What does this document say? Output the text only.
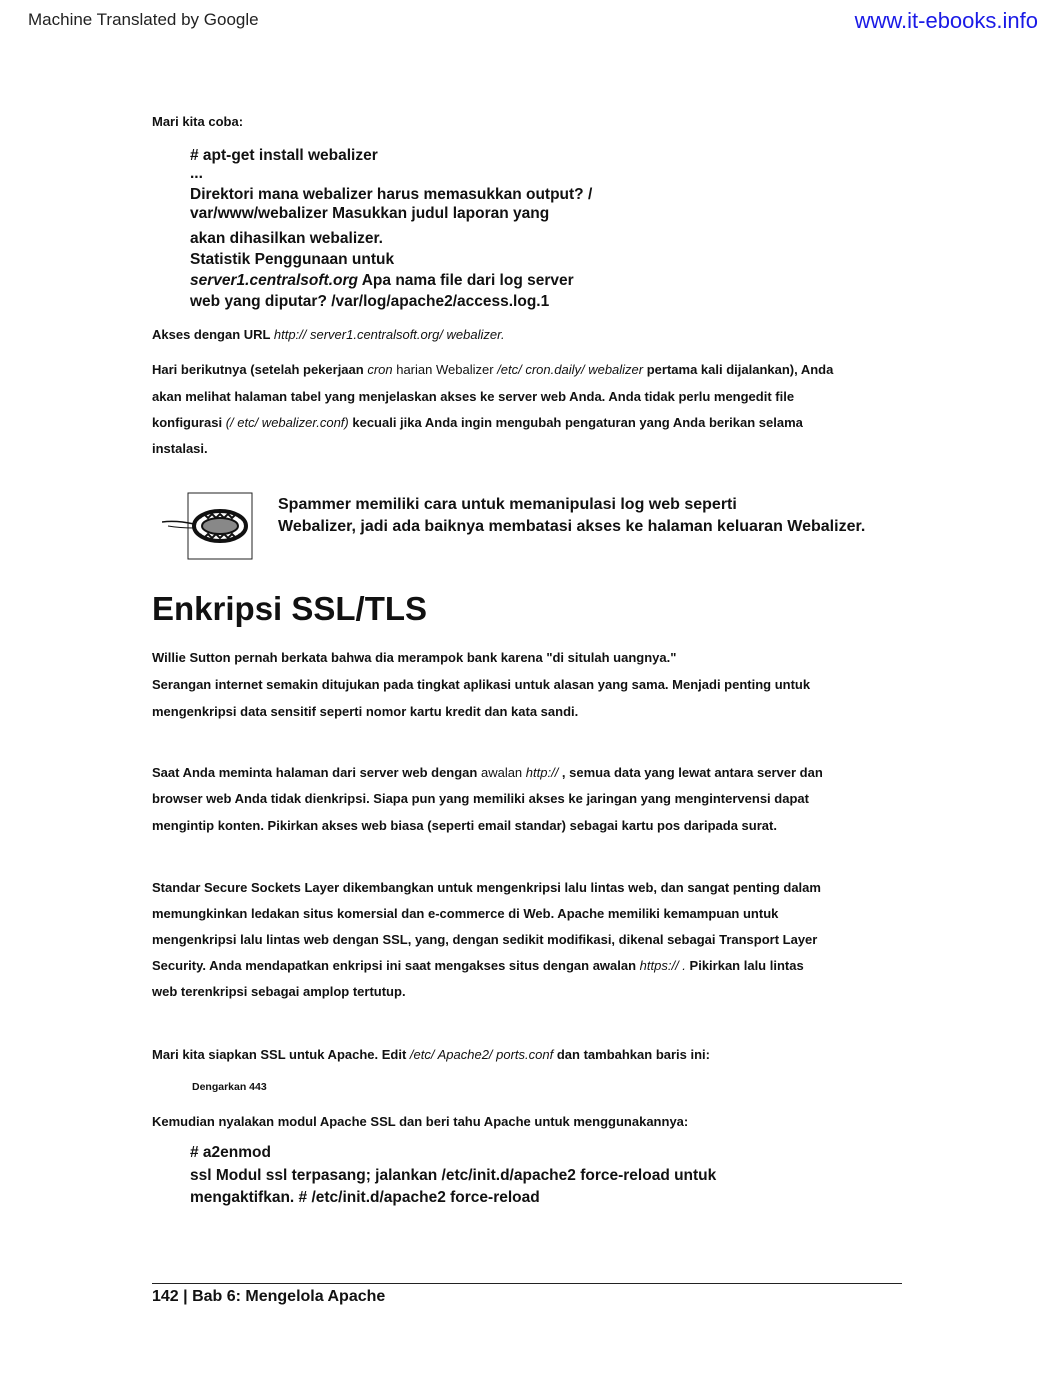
Machine Translated by Google	www.it-ebooks.info
Mari kita coba:
# apt-get install webalizer
...
Direktori mana webalizer harus memasukkan output? /
var/www/webalizer Masukkan judul laporan yang
akan dihasilkan webalizer.
Statistik Penggunaan untuk
server1.centralsoft.org Apa nama file dari log server
web yang diputar? /var/log/apache2/access.log.1
Akses dengan URL http:// server1.centralsoft.org/ webalizer.
Hari berikutnya (setelah pekerjaan cron harian Webalizer /etc/ cron.daily/ webalizer pertama kali dijalankan), Anda
akan melihat halaman tabel yang menjelaskan akses ke server web Anda. Anda tidak perlu mengedit file
konfigurasi (/ etc/ webalizer.conf) kecuali jika Anda ingin mengubah pengaturan yang Anda berikan selama
instalasi.
Spammer memiliki cara untuk memanipulasi log web seperti
Webalizer, jadi ada baiknya membatasi akses ke halaman keluaran Webalizer.
Enkripsi SSL/TLS
Willie Sutton pernah berkata bahwa dia merampok bank karena "di situlah uangnya."
Serangan internet semakin ditujukan pada tingkat aplikasi untuk alasan yang sama. Menjadi penting untuk
mengenkripsi data sensitif seperti nomor kartu kredit dan kata sandi.
Saat Anda meminta halaman dari server web dengan awalan http:// , semua data yang lewat antara server dan
browser web Anda tidak dienkripsi. Siapa pun yang memiliki akses ke jaringan yang mengintervensi dapat
mengintip konten. Pikirkan akses web biasa (seperti email standar) sebagai kartu pos daripada surat.
Standar Secure Sockets Layer dikembangkan untuk mengenkripsi lalu lintas web, dan sangat penting dalam
memungkinkan ledakan situs komersial dan e-commerce di Web. Apache memiliki kemampuan untuk
mengenkripsi lalu lintas web dengan SSL, yang, dengan sedikit modifikasi, dikenal sebagai Transport Layer
Security. Anda mendapatkan enkripsi ini saat mengakses situs dengan awalan https:// . Pikirkan lalu lintas
web terenkripsi sebagai amplop tertutup.
Mari kita siapkan SSL untuk Apache. Edit /etc/ Apache2/ ports.conf dan tambahkan baris ini:
Dengarkan 443
Kemudian nyalakan modul Apache SSL dan beri tahu Apache untuk menggunakannya:
# a2enmod
ssl Modul ssl terpasang; jalankan /etc/init.d/apache2 force-reload untuk
mengaktifkan. # /etc/init.d/apache2 force-reload
142 | Bab 6: Mengelola Apache
